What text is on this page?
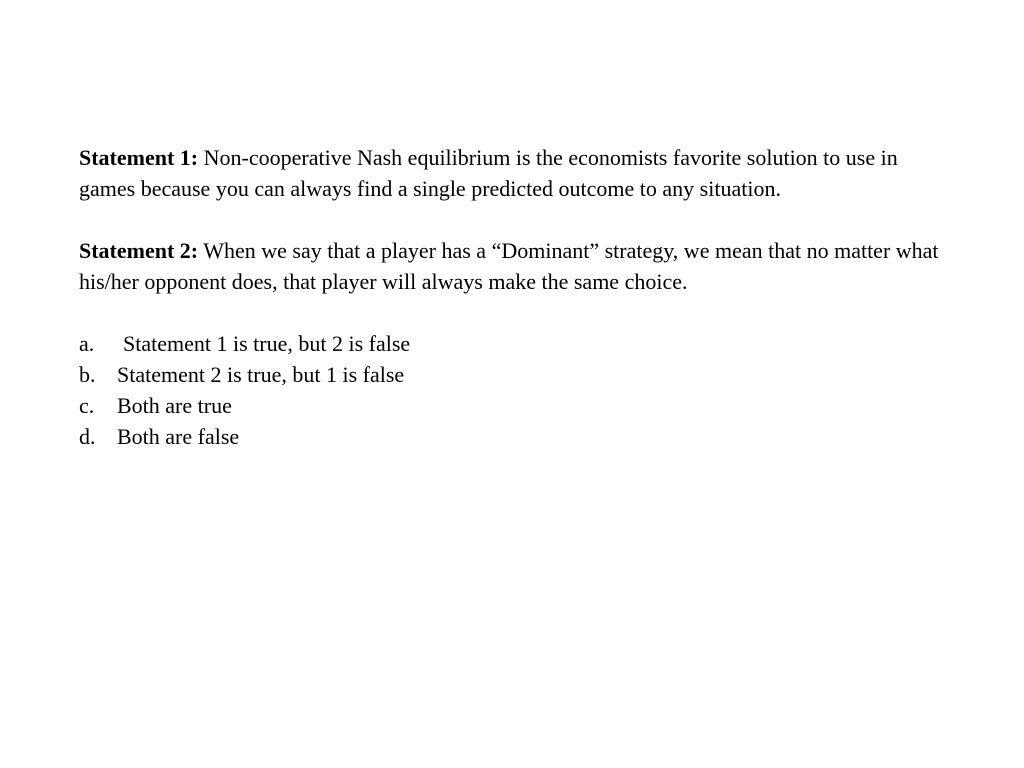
Statement 1: Non-cooperative Nash equilibrium is the economists favorite solution to use in games because you can always find a single predicted outcome to any situation.

Statement 2: When we say that a player has a “Dominant” strategy, we mean that no matter what his/her opponent does, that player will always make the same choice.

a.	Statement 1 is true, but 2 is false
b. Statement 2 is true, but 1 is false
c.	Both are true
d. Both are false
